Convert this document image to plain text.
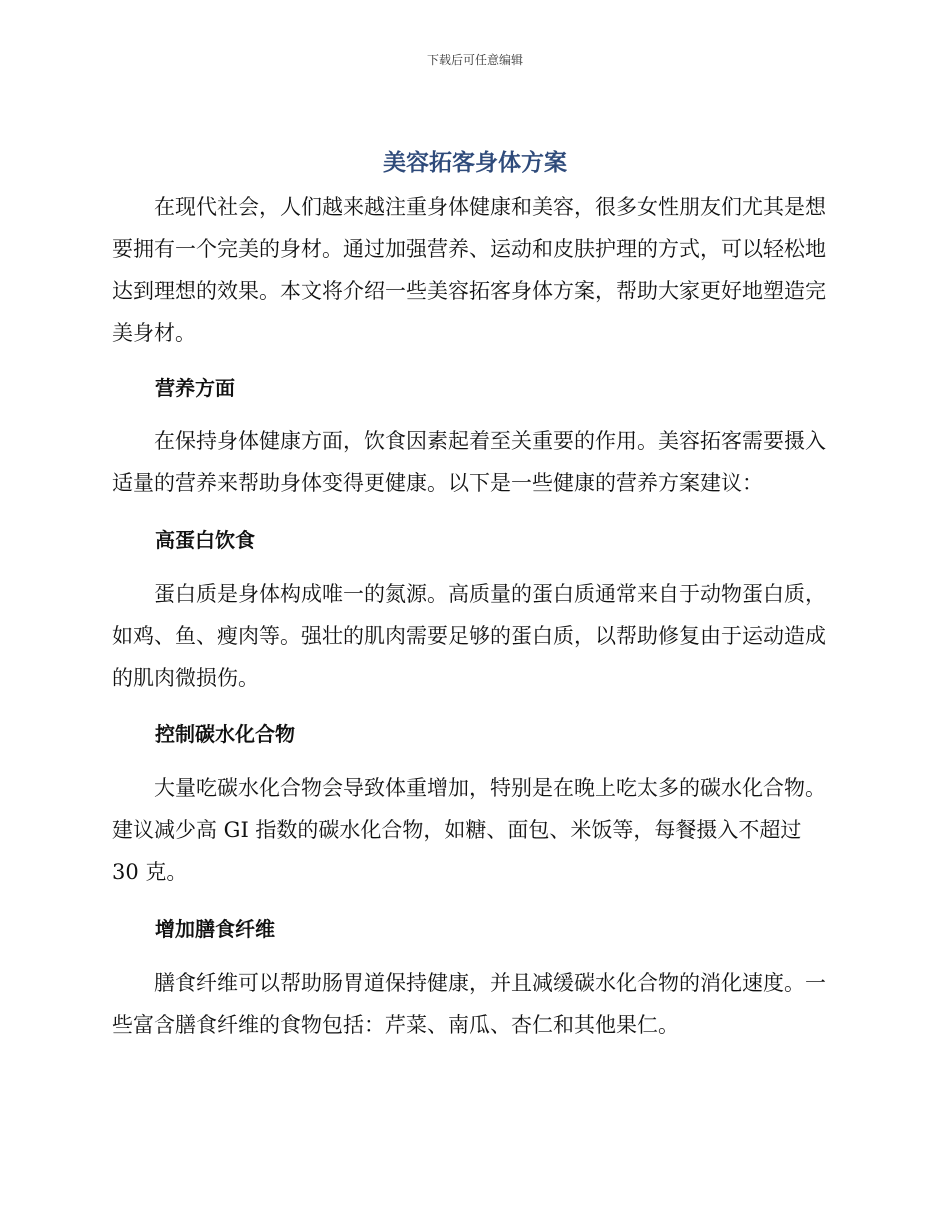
下载后可任意编辑
美容拓客身体方案

在现代社会，人们越来越注重身体健康和美容，很多女性朋友们尤其是想要拥有一个完美的身材。通过加强营养、运动和皮肤护理的方式，可以轻松地达到理想的效果。本文将介绍一些美容拓客身体方案，帮助大家更好地塑造完美身材。

营养方面

在保持身体健康方面，饮食因素起着至关重要的作用。美容拓客需要摄入适量的营养来帮助身体变得更健康。以下是一些健康的营养方案建议：

高蛋白饮食

蛋白质是身体构成唯一的氮源。高质量的蛋白质通常来自于动物蛋白质，如鸡、鱼、瘦肉等。强壮的肌肉需要足够的蛋白质，以帮助修复由于运动造成的肌肉微损伤。

控制碳水化合物

大量吃碳水化合物会导致体重增加，特别是在晚上吃太多的碳水化合物。建议减少高 GI 指数的碳水化合物，如糖、面包、米饭等，每餐摄入不超过 30 克。

增加膳食纤维

膳食纤维可以帮助肠胃道保持健康，并且减缓碳水化合物的消化速度。一些富含膳食纤维的食物包括：芹菜、南瓜、杏仁和其他果仁。
